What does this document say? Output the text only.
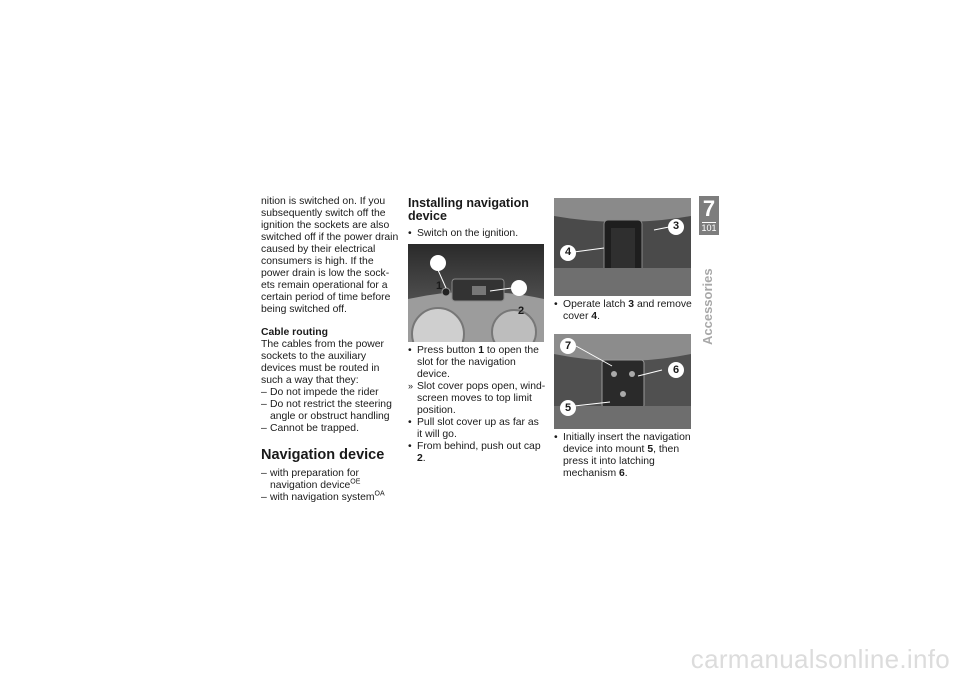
nition is switched on. If you subsequently switch off the ignition the sockets are also switched off if the power drain caused by their electrical consumers is high. If the power drain is low the sockets remain operational for a certain period of time before being switched off.

Cable routing

The cables from the power sockets to the auxiliary devices must be routed in such a way that they:

– Do not impede the rider
– Do not restrict the steering angle or obstruct handling
– Cannot be trapped.

Navigation device

– with preparation for navigation device$^{OE}$
– with navigation system$^{OA}$

Installing navigation device

• Switch on the ignition.
1
2
• Press button 1 to open the slot for the navigation device.
» Slot cover pops open, windscreen moves to top limit position.
• Pull slot cover up as far as it will go.
• From behind, push out cap 2.
3
4
• Operate latch 3 and remove cover 4.
7
6
5
• Initially insert the navigation device into mount 5, then press it into latching mechanism 6.
7
101
Accessories
carmanualsonline.info
